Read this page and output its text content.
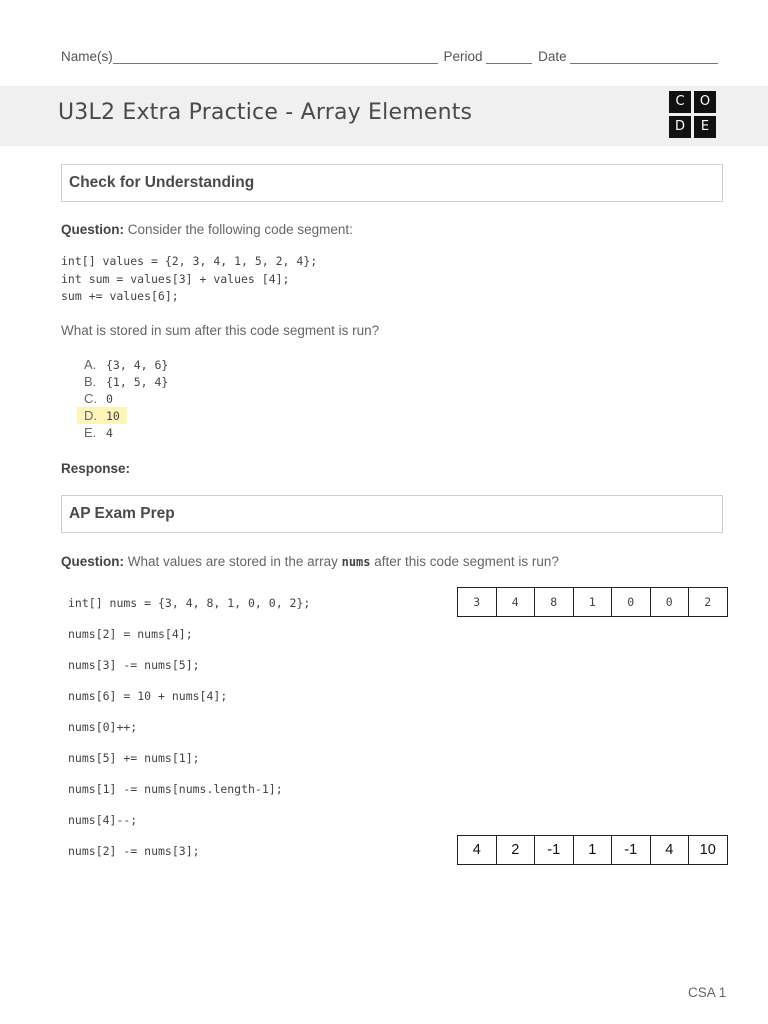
Name(s)	Period	Date
U3L2 Extra Practice - Array Elements	C	O
D	E
Check for Understanding
Question: Consider the following code segment:
int[] values = {2, 3, 4, 1, 5, 2, 4};
int sum = values[3] + values [4];
sum += values[6];
What is stored in sum after this code segment is run?
A. {3, 4, 6}
B. {1, 5, 4}
C. 0
D. 10
E. 4
Response:
AP Exam Prep
Question: What values are stored in the array nums after this code segment is run?
int[] nums = {3, 4, 8, 1, 0, 0, 2};
nums[2] = nums[4];
nums[3] -= nums[5];
nums[6] = 10 + nums[4];
nums[0]++;
nums[5] += nums[1];
nums[1] -= nums[nums.length-1];
nums[4]--;
nums[2] -= nums[3];
3	4	8	1	0	0	2
4	2	-1	1	-1	4	10
CSA 1
